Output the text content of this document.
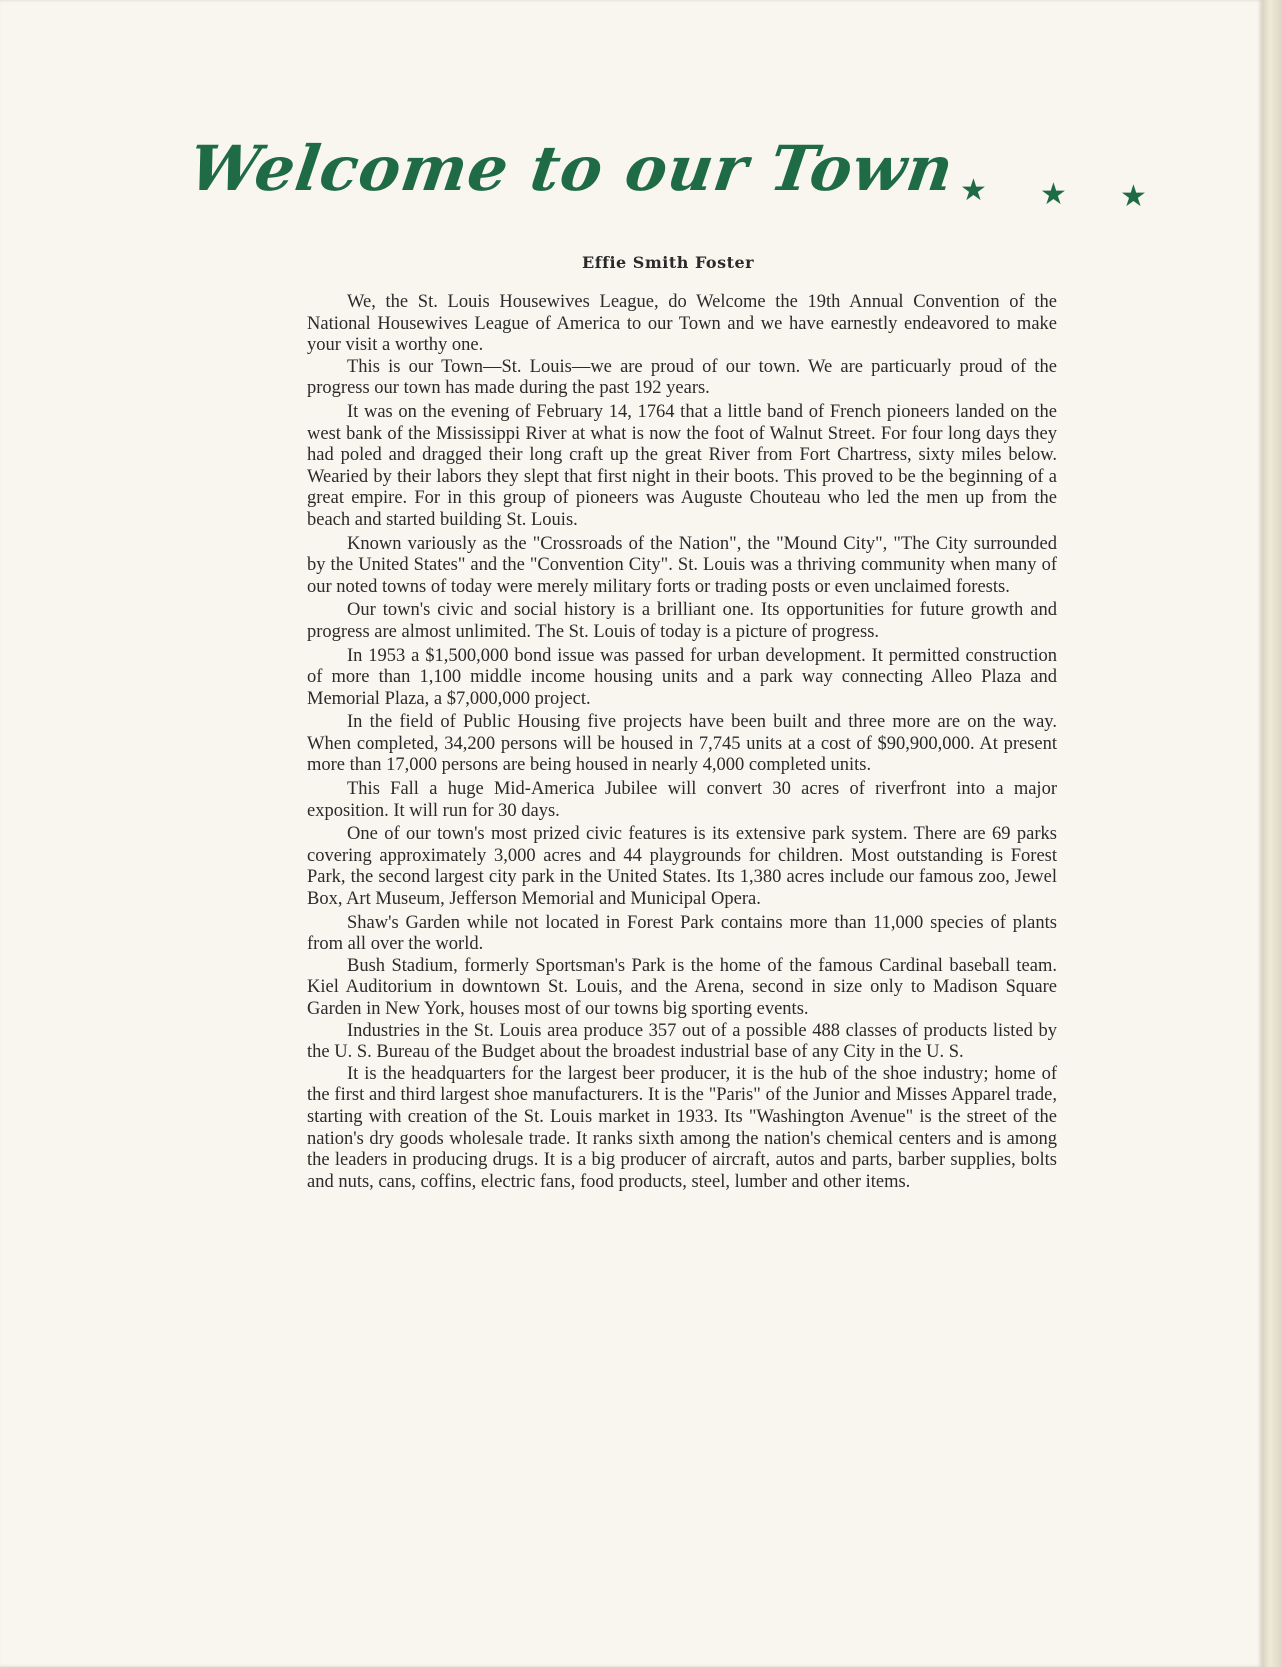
Welcome to our Town ★ ★ ★
Effie Smith Foster

We, the St. Louis Housewives League, do Welcome the 19th Annual Convention of the National Housewives League of America to our Town and we have earnestly endeavored to make your visit a worthy one.

This is our Town—St. Louis—we are proud of our town. We are particuarly proud of the progress our town has made during the past 192 years.

It was on the evening of February 14, 1764 that a little band of French pioneers landed on the west bank of the Mississippi River at what is now the foot of Walnut Street. For four long days they had poled and dragged their long craft up the great River from Fort Chartress, sixty miles below. Wearied by their labors they slept that first night in their boots. This proved to be the beginning of a great empire. For in this group of pioneers was Auguste Chouteau who led the men up from the beach and started building St. Louis.

Known variously as the "Crossroads of the Nation", the "Mound City", "The City surrounded by the United States" and the "Convention City". St. Louis was a thriving community when many of our noted towns of today were merely military forts or trading posts or even unclaimed forests.

Our town's civic and social history is a brilliant one. Its opportunities for future growth and progress are almost unlimited. The St. Louis of today is a picture of progress.

In 1953 a $1,500,000 bond issue was passed for urban development. It permitted construction of more than 1,100 middle income housing units and a park way connecting Alleo Plaza and Memorial Plaza, a $7,000,000 project.

In the field of Public Housing five projects have been built and three more are on the way. When completed, 34,200 persons will be housed in 7,745 units at a cost of $90,900,000. At present more than 17,000 persons are being housed in nearly 4,000 completed units.

This Fall a huge Mid-America Jubilee will convert 30 acres of riverfront into a major exposition. It will run for 30 days.

One of our town's most prized civic features is its extensive park system. There are 69 parks covering approximately 3,000 acres and 44 playgrounds for children. Most outstanding is Forest Park, the second largest city park in the United States. Its 1,380 acres include our famous zoo, Jewel Box, Art Museum, Jefferson Memorial and Municipal Opera.

Shaw's Garden while not located in Forest Park contains more than 11,000 species of plants from all over the world.

Bush Stadium, formerly Sportsman's Park is the home of the famous Cardinal baseball team. Kiel Auditorium in downtown St. Louis, and the Arena, second in size only to Madison Square Garden in New York, houses most of our towns big sporting events.

Industries in the St. Louis area produce 357 out of a possible 488 classes of products listed by the U. S. Bureau of the Budget about the broadest industrial base of any City in the U. S.

It is the headquarters for the largest beer producer, it is the hub of the shoe industry; home of the first and third largest shoe manufacturers. It is the "Paris" of the Junior and Misses Apparel trade, starting with creation of the St. Louis market in 1933. Its "Washington Avenue" is the street of the nation's dry goods wholesale trade. It ranks sixth among the nation's chemical centers and is among the leaders in producing drugs. It is a big producer of aircraft, autos and parts, barber supplies, bolts and nuts, cans, coffins, electric fans, food products, steel, lumber and other items.
